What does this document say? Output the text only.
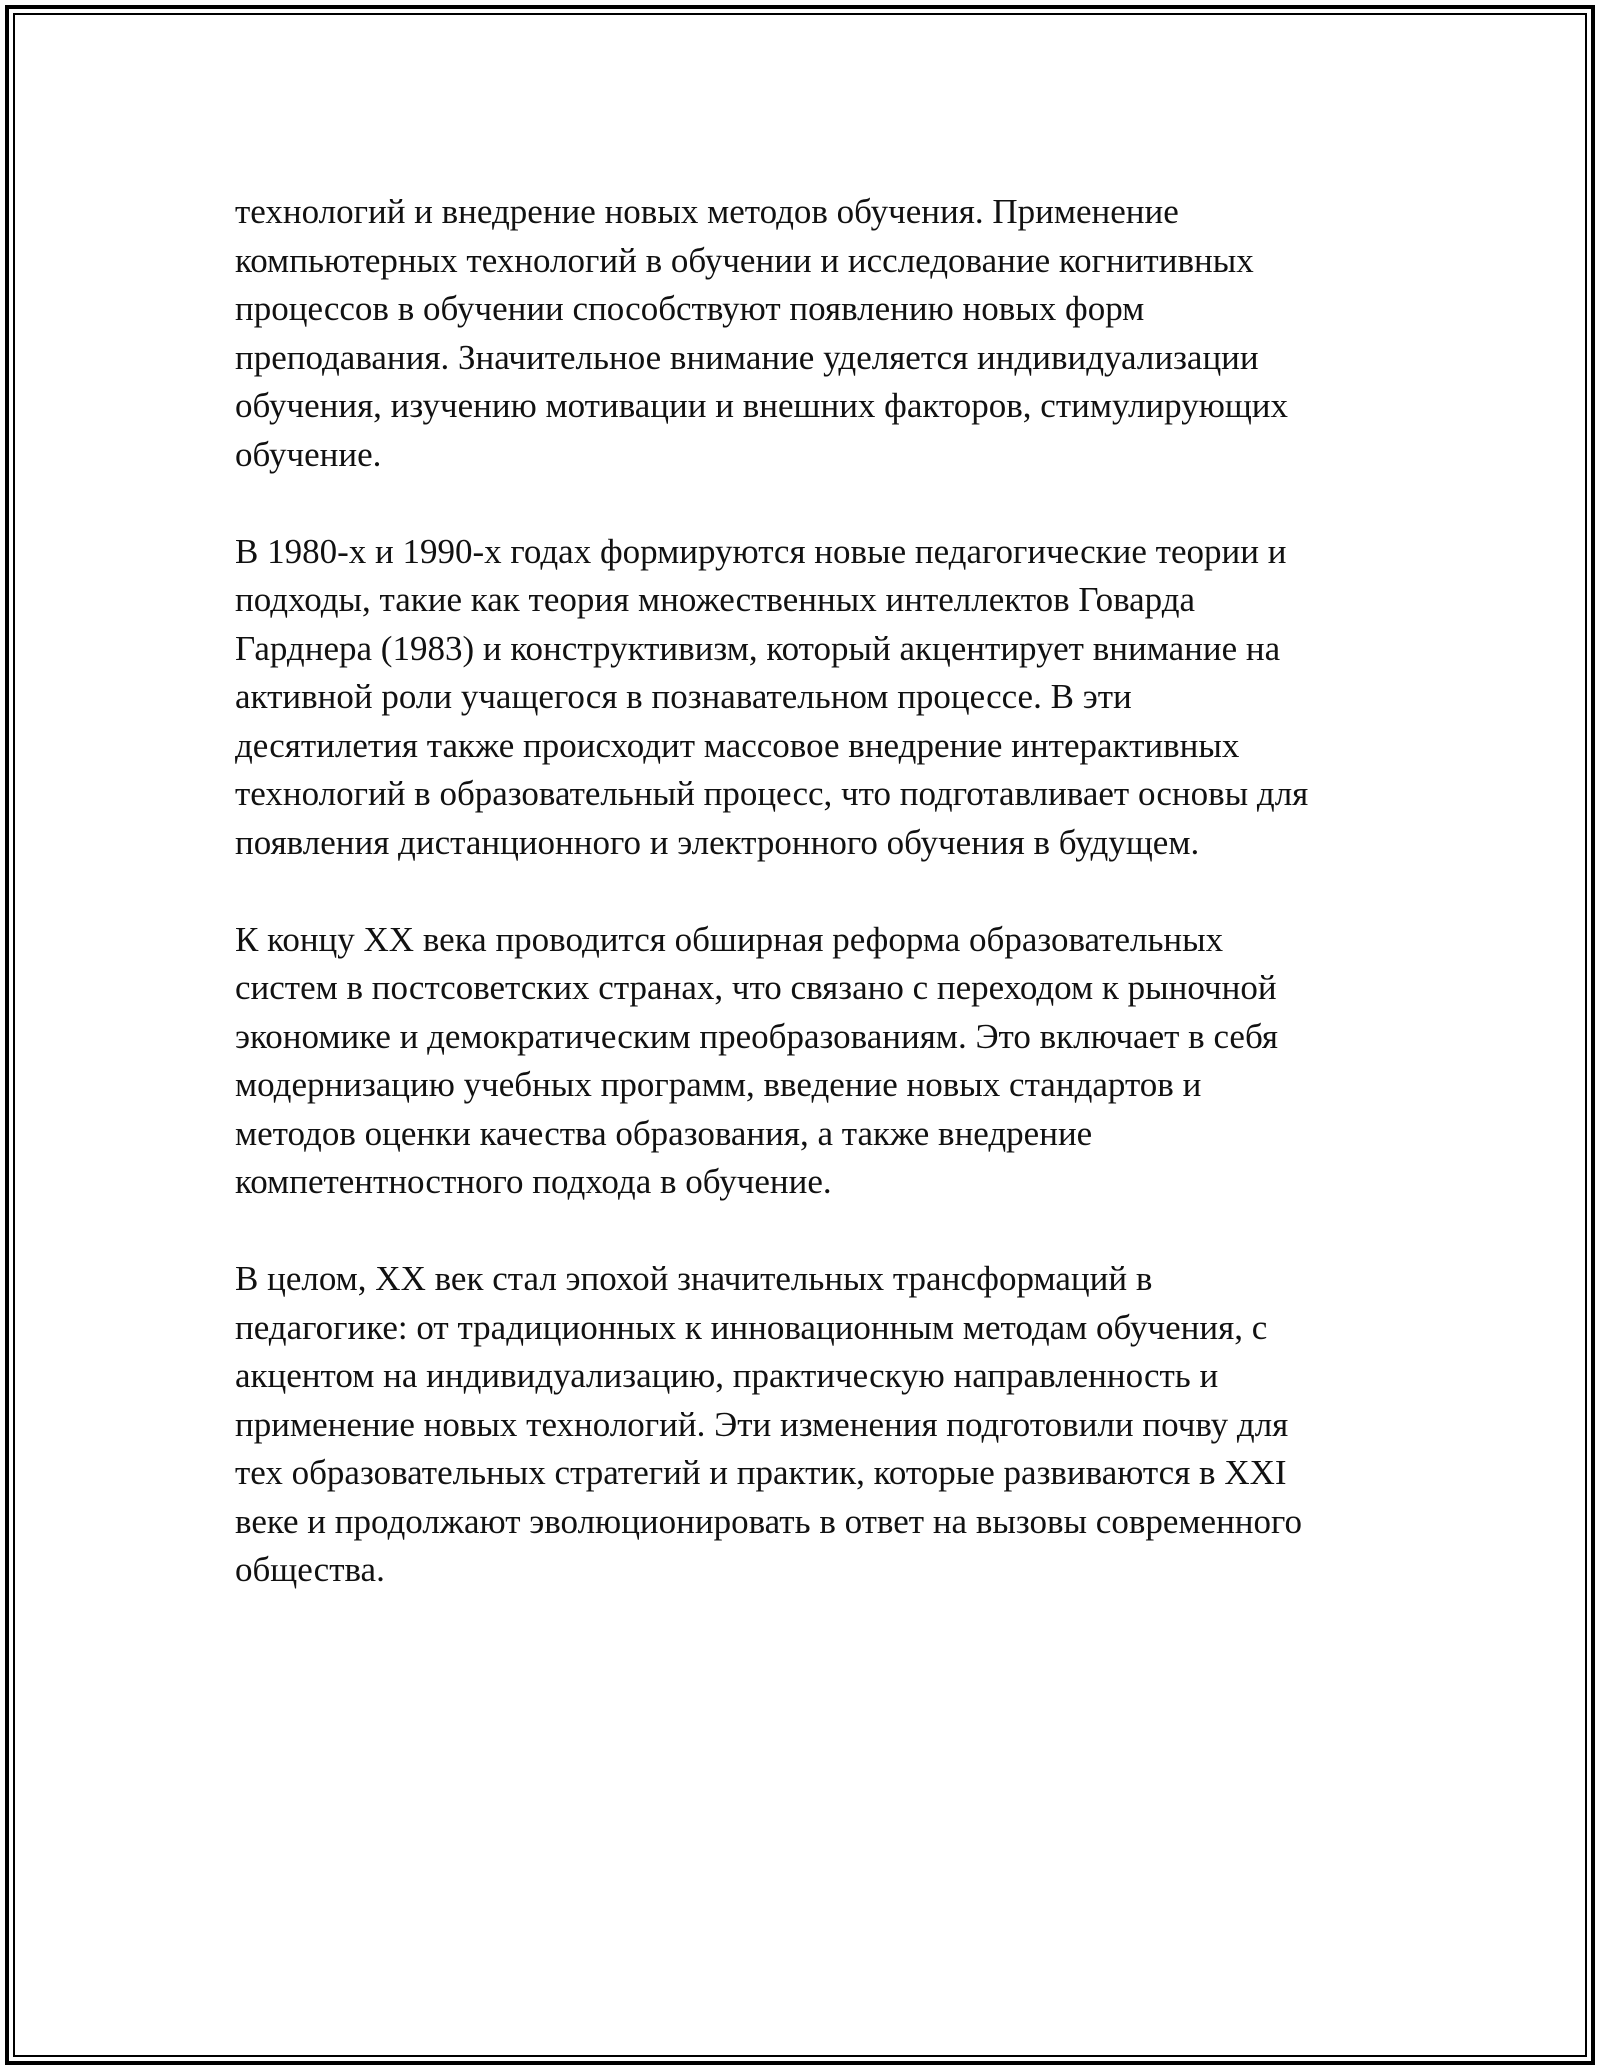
технологий и внедрение новых методов обучения. Применение
компьютерных технологий в обучении и исследование когнитивных
процессов в обучении способствуют появлению новых форм
преподавания. Значительное внимание уделяется индивидуализации
обучения, изучению мотивации и внешних факторов, стимулирующих
обучение.

В 1980-х и 1990-х годах формируются новые педагогические теории и
подходы, такие как теория множественных интеллектов Говарда
Гарднера (1983) и конструктивизм, который акцентирует внимание на
активной роли учащегося в познавательном процессе. В эти
десятилетия также происходит массовое внедрение интерактивных
технологий в образовательный процесс, что подготавливает основы для
появления дистанционного и электронного обучения в будущем.

К концу XX века проводится обширная реформа образовательных
систем в постсоветских странах, что связано с переходом к рыночной
экономике и демократическим преобразованиям. Это включает в себя
модернизацию учебных программ, введение новых стандартов и
методов оценки качества образования, а также внедрение
компетентностного подхода в обучение.

В целом, XX век стал эпохой значительных трансформаций в
педагогике: от традиционных к инновационным методам обучения, с
акцентом на индивидуализацию, практическую направленность и
применение новых технологий. Эти изменения подготовили почву для
тех образовательных стратегий и практик, которые развиваются в XXI
веке и продолжают эволюционировать в ответ на вызовы современного
общества.
